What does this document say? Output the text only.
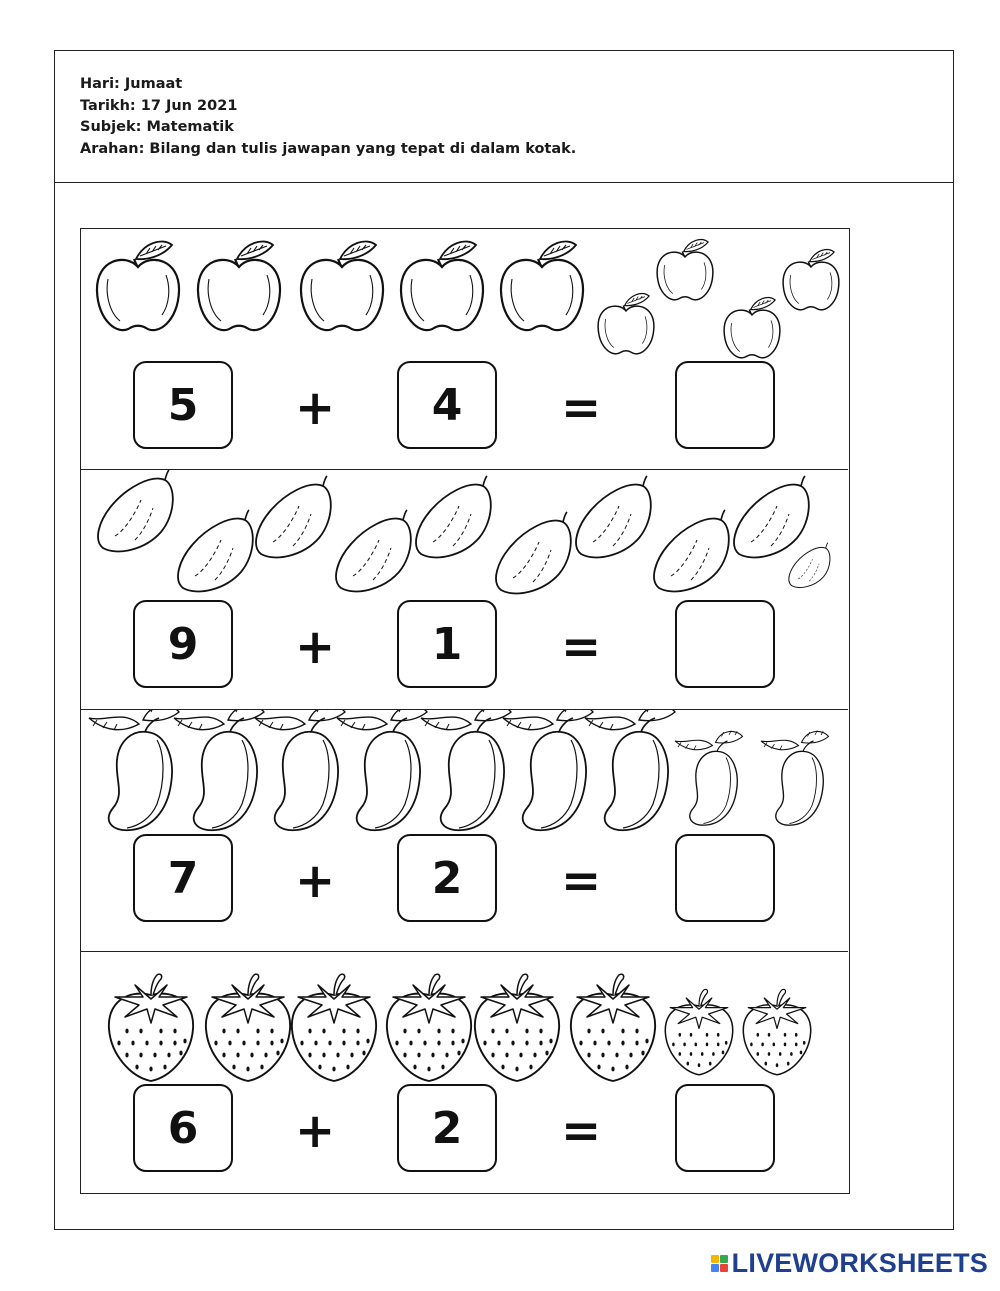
Hari: Jumaat
Tarikh: 17 Jun 2021
Subjek: Matematik
Arahan: Bilang dan tulis jawapan yang tepat di dalam kotak.
5	+	4	=
9	+	1	=
7	+	2	=
6	+	2	=
LIVEWORKSHEETS
